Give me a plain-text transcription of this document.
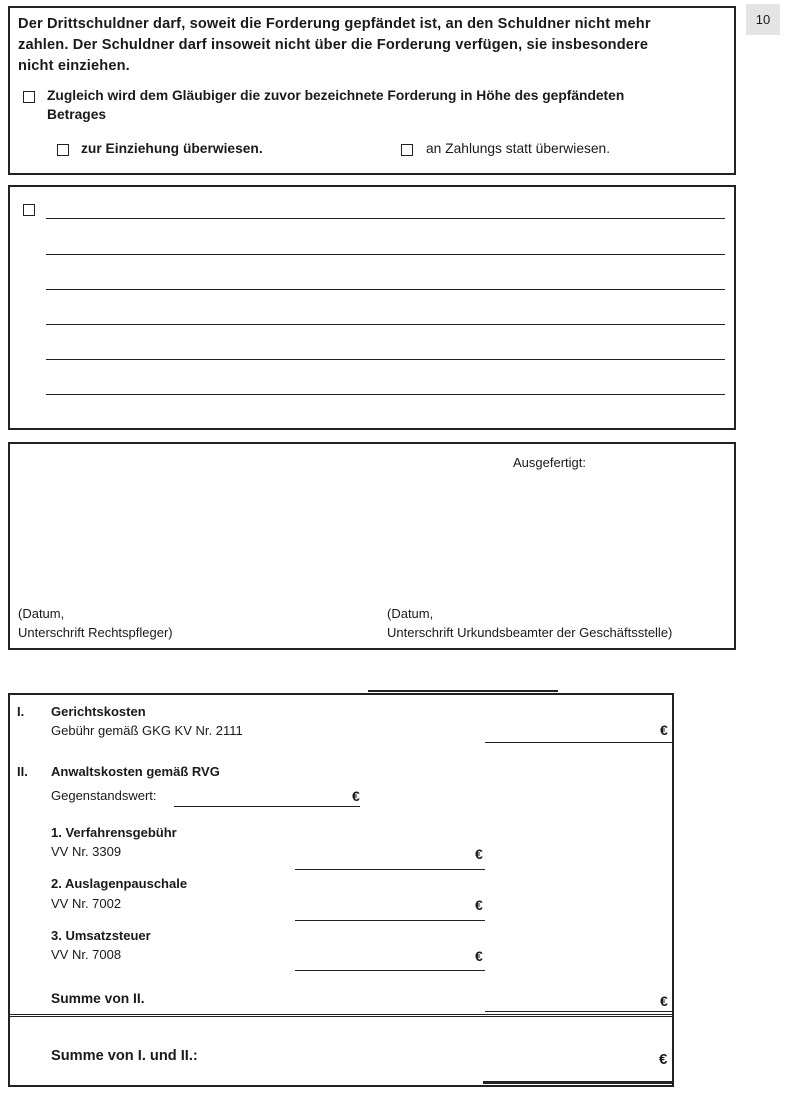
10
Der Drittschuldner darf, soweit die Forderung gepfändet ist, an den Schuldner nicht mehr
zahlen. Der Schuldner darf insoweit nicht über die Forderung verfügen, sie insbesondere
nicht einziehen.
Zugleich wird dem Gläubiger die zuvor bezeichnete Forderung in Höhe des gepfändeten
Betrages
zur Einziehung überwiesen.	an Zahlungs statt überwiesen.
Ausgefertigt:
(Datum,
Unterschrift Rechtspfleger)
(Datum,
Unterschrift Urkundsbeamter der Geschäftsstelle)
I. Gerichtskosten
Gebühr gemäß GKG KV Nr. 2111	€
II. Anwaltskosten gemäß RVG
Gegenstandswert:	€
1. Verfahrensgebühr
VV Nr. 3309	€
2. Auslagenpauschale
VV Nr. 7002	€
3. Umsatzsteuer
VV Nr. 7008	€
Summe von II.	€
Summe von I. und II.:	€
